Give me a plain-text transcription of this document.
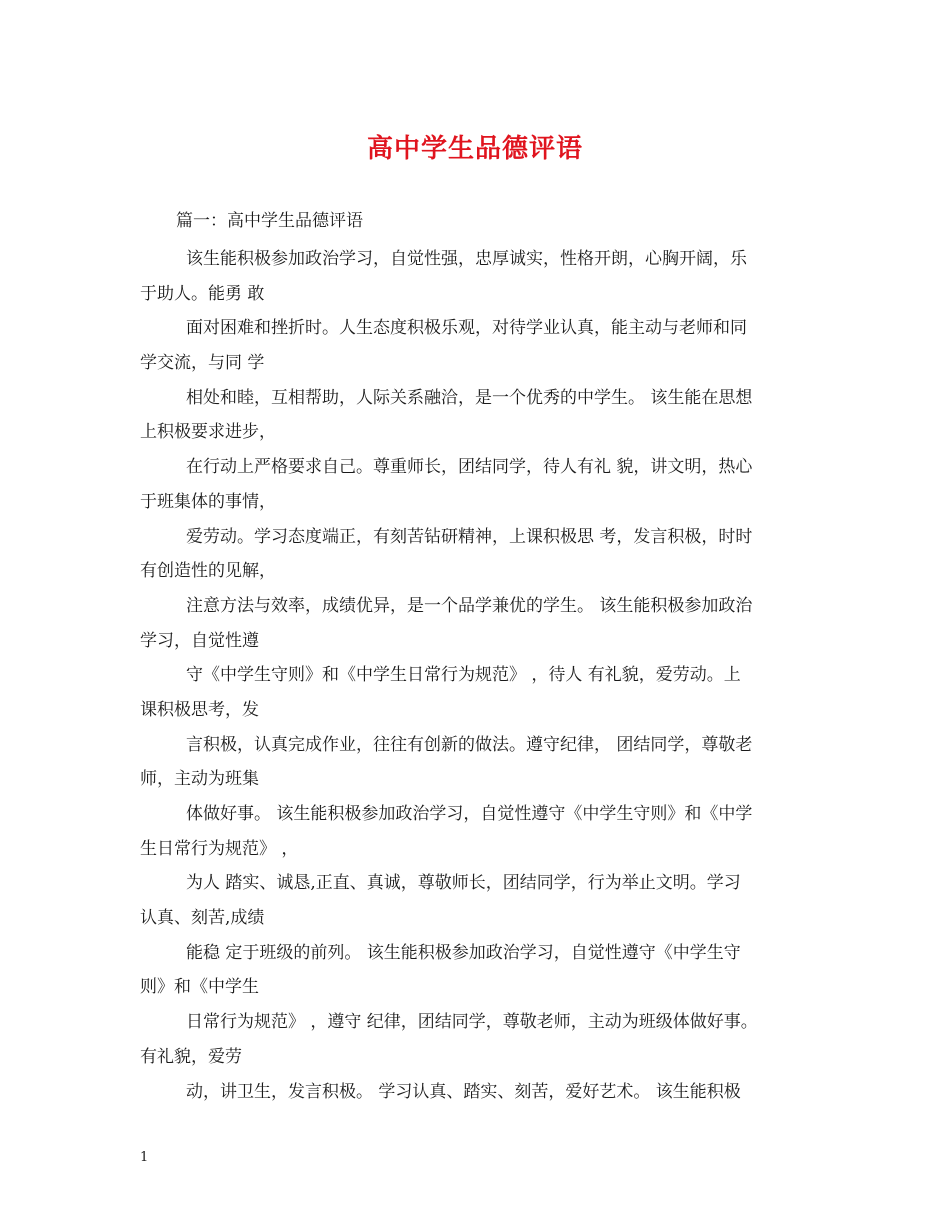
高中学生品德评语

篇一：高中学生品德评语

该生能积极参加政治学习，自觉性强，忠厚诚实，性格开朗，心胸开阔，乐

于助人。能勇 敢

面对困难和挫折时。人生态度积极乐观，对待学业认真，能主动与老师和同

学交流，与同 学

相处和睦，互相帮助，人际关系融洽，是一个优秀的中学生。 该生能在思想

上积极要求进步，

在行动上严格要求自己。尊重师长，团结同学，待人有礼 貌，讲文明，热心

于班集体的事情，

爱劳动。学习态度端正，有刻苦钻研精神，上课积极思 考，发言积极，时时

有创造性的见解，

注意方法与效率，成绩优异，是一个品学兼优的学生。 该生能积极参加政治

学习，自觉性遵

守《中学生守则》和《中学生日常行为规范》 ，待人 有礼貌，爱劳动。上

课积极思考，发

言积极，认真完成作业，往往有创新的做法。遵守纪律， 团结同学，尊敬老

师，主动为班集

体做好事。 该生能积极参加政治学习，自觉性遵守《中学生守则》和《中学

生日常行为规范》 ，

为人 踏实、诚恳,正直、真诚，尊敬师长，团结同学，行为举止文明。学习

认真、刻苦,成绩

能稳 定于班级的前列。 该生能积极参加政治学习，自觉性遵守《中学生守

则》和《中学生

日常行为规范》 ，遵守 纪律，团结同学，尊敬老师，主动为班级体做好事。

有礼貌，爱劳

动，讲卫生，发言积极。 学习认真、踏实、刻苦，爱好艺术。 该生能积极

1
